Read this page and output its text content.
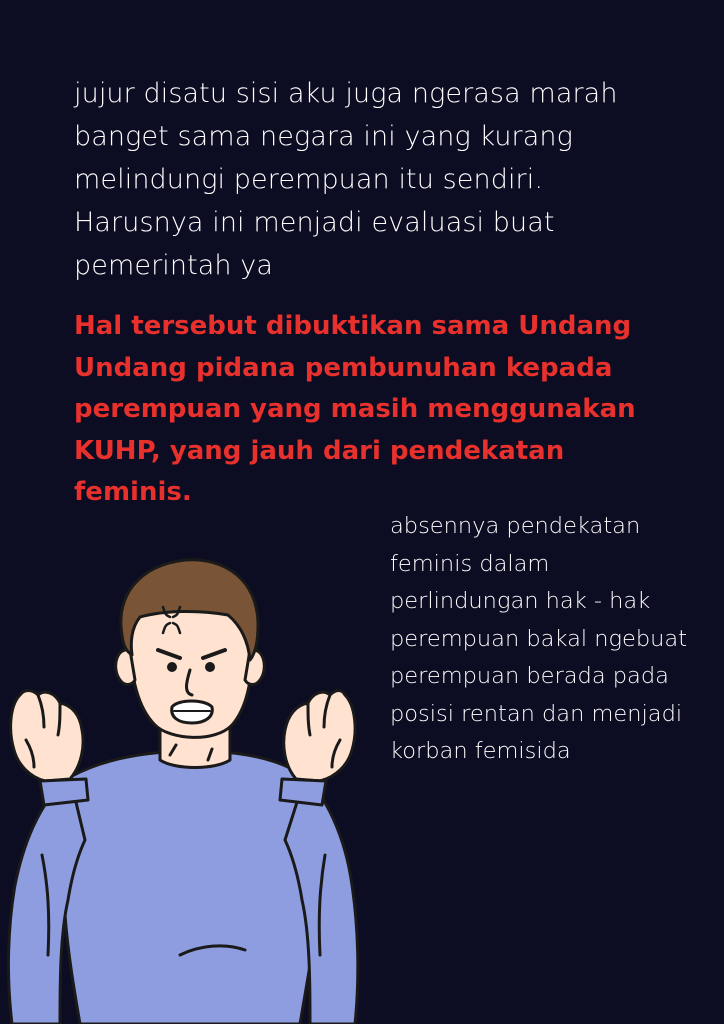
jujur disatu sisi aku juga ngerasa marah banget sama negara ini yang kurang melindungi perempuan itu sendiri. Harusnya ini menjadi evaluasi buat pemerintah ya

Hal tersebut dibuktikan sama Undang Undang pidana pembunuhan kepada perempuan yang masih menggunakan KUHP, yang jauh dari pendekatan feminis.

absennya pendekatan feminis dalam perlindungan hak - hak perempuan bakal ngebuat perempuan berada pada posisi rentan dan menjadi korban femisida
